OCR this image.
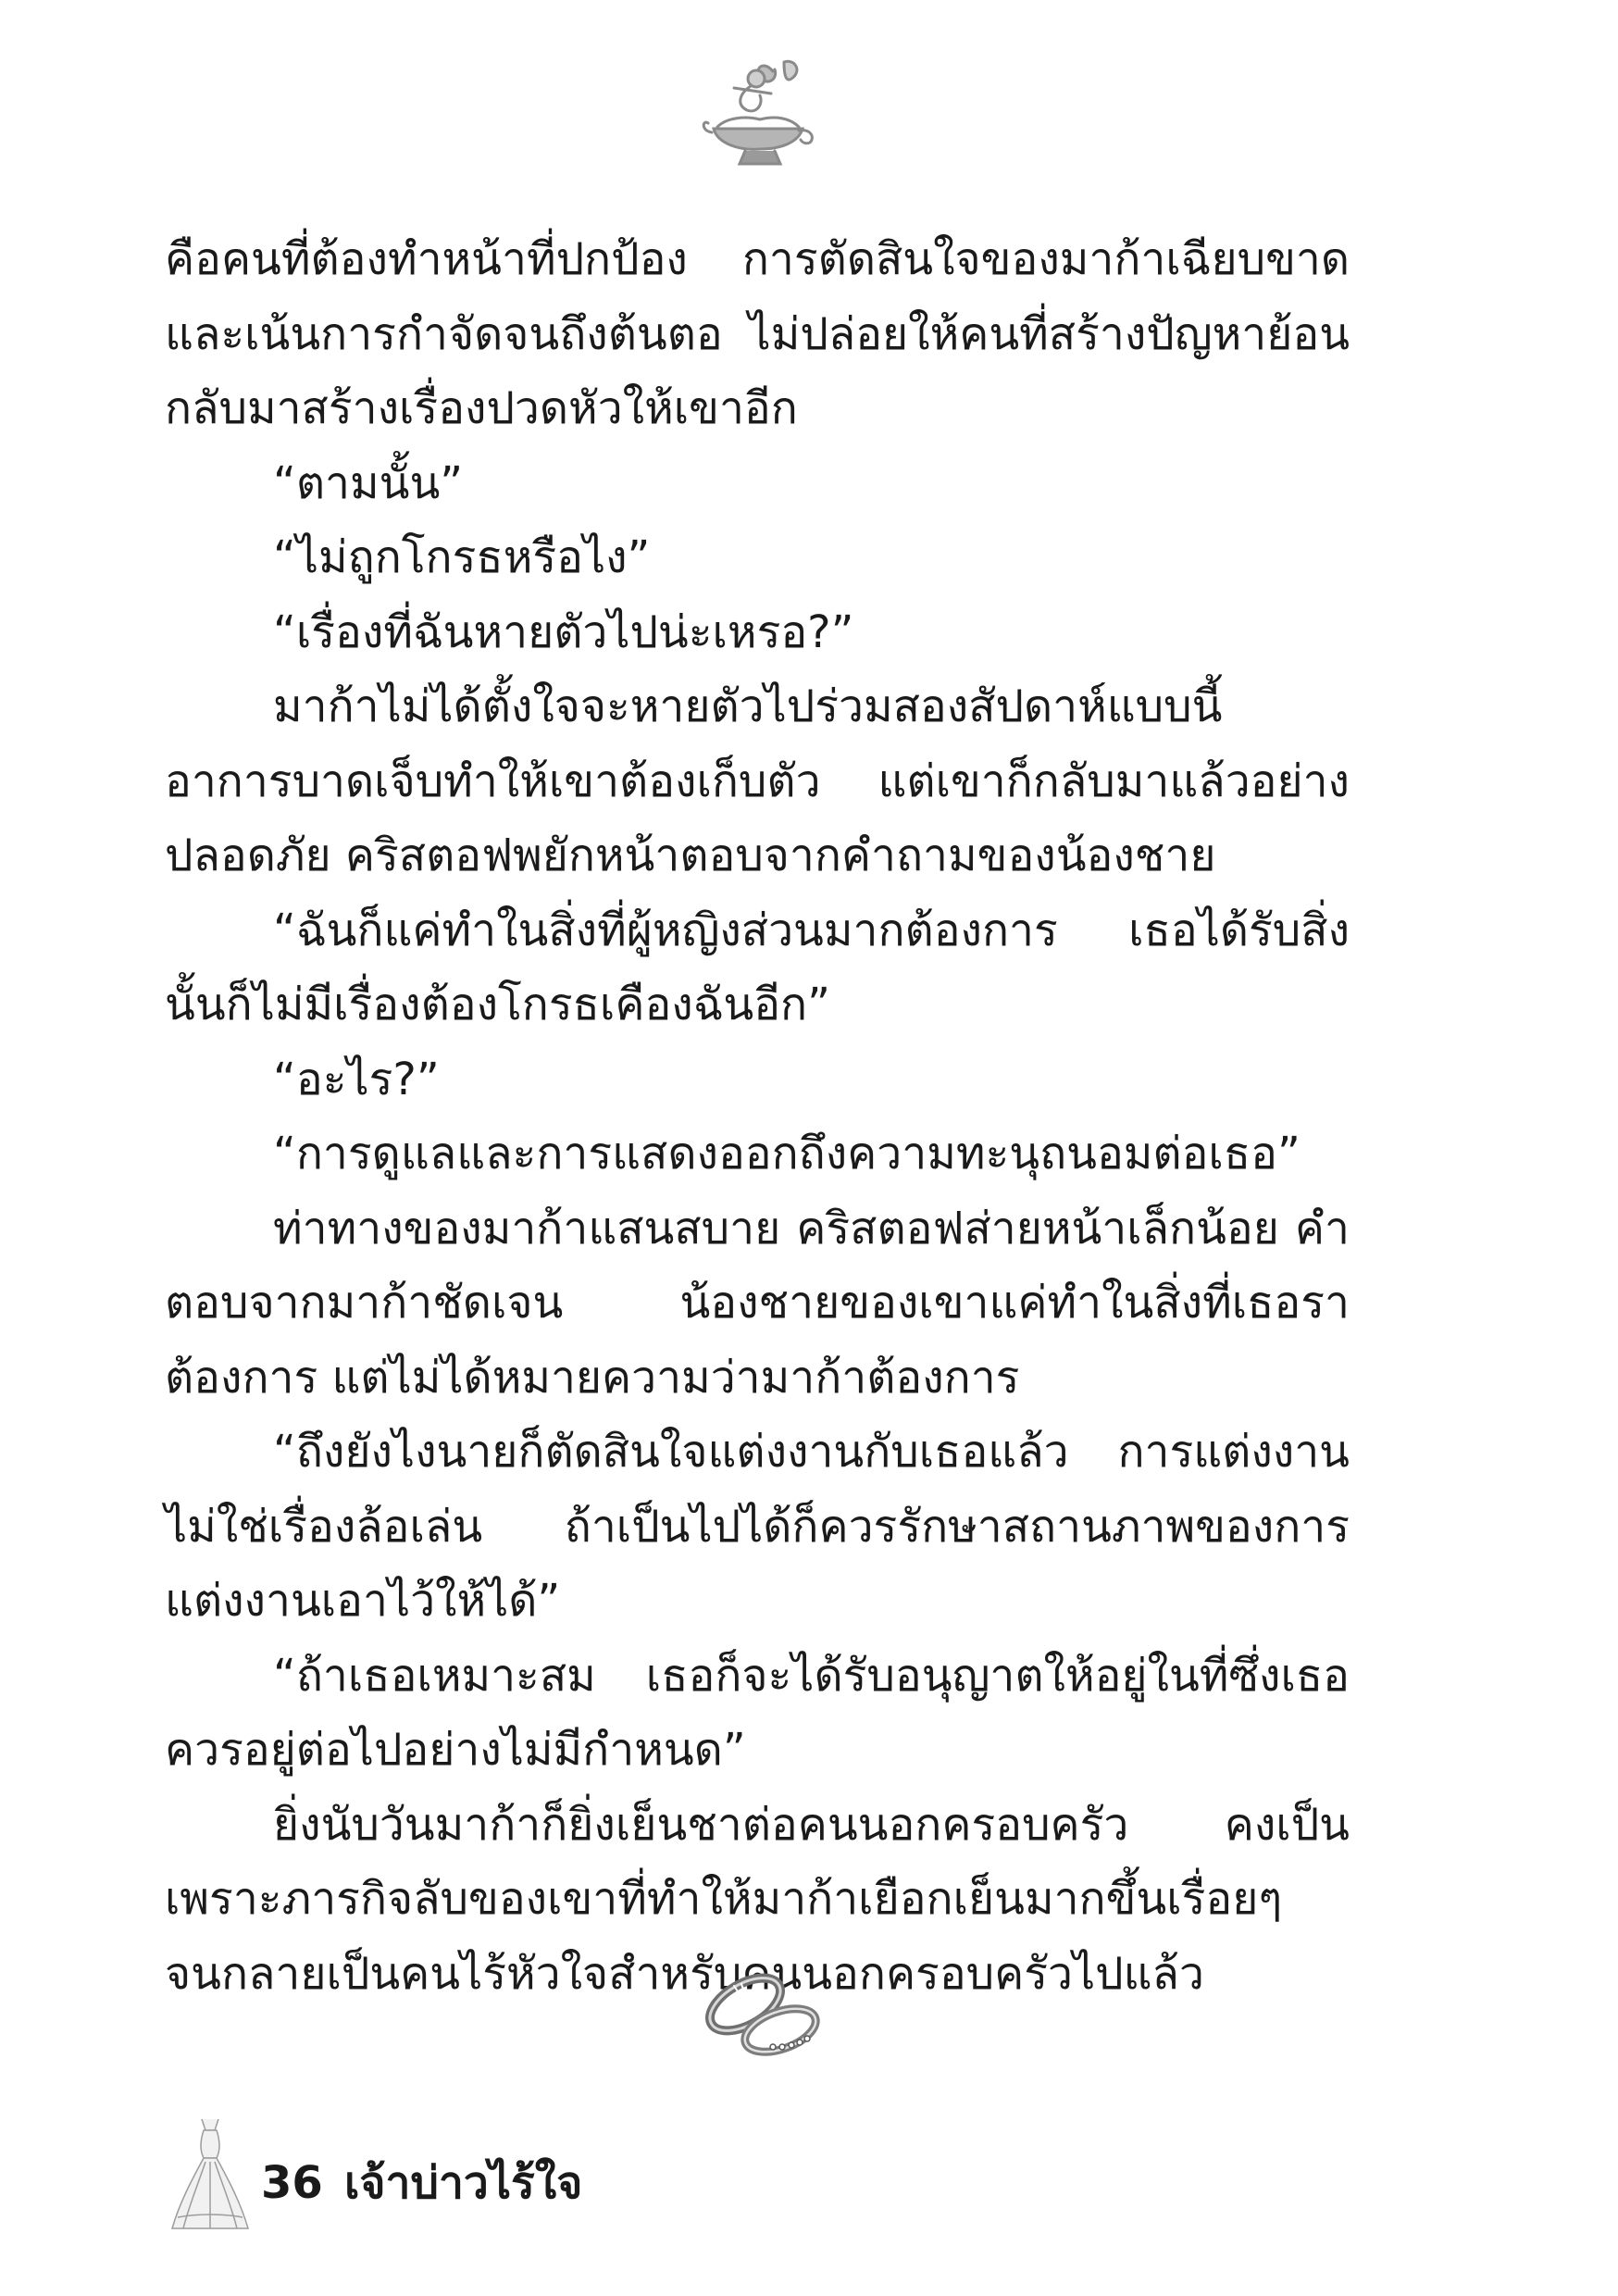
คือคนที่ต้องทำหน้าที่ปกป้อง การตัดสินใจของมาก้าเฉียบขาดและเน้นการกำจัดจนถึงต้นตอ ไม่ปล่อยให้คนที่สร้างปัญหาย้อนกลับมาสร้างเรื่องปวดหัวให้เขาอีก

“ตามนั้น”

“ไม่ถูกโกรธหรือไง”

“เรื่องที่ฉันหายตัวไปน่ะเหรอ?”

มาก้าไม่ได้ตั้งใจจะหายตัวไปร่วมสองสัปดาห์แบบนี้ อาการบาดเจ็บทำให้เขาต้องเก็บตัว แต่เขาก็กลับมาแล้วอย่างปลอดภัย คริสตอฟพยักหน้าตอบจากคำถามของน้องชาย

“ฉันก็แค่ทำในสิ่งที่ผู้หญิงส่วนมากต้องการ เธอได้รับสิ่งนั้นก็ไม่มีเรื่องต้องโกรธเคืองฉันอีก”

“อะไร?”

“การดูแลและการแสดงออกถึงความทะนุถนอมต่อเธอ”

ท่าทางของมาก้าแสนสบาย คริสตอฟส่ายหน้าเล็กน้อย คำตอบจากมาก้าชัดเจน น้องชายของเขาแค่ทำในสิ่งที่เธอราต้องการ แต่ไม่ได้หมายความว่ามาก้าต้องการ

“ถึงยังไงนายก็ตัดสินใจแต่งงานกับเธอแล้ว การแต่งงานไม่ใช่เรื่องล้อเล่น ถ้าเป็นไปได้ก็ควรรักษาสถานภาพของการแต่งงานเอาไว้ให้ได้”

“ถ้าเธอเหมาะสม เธอก็จะได้รับอนุญาตให้อยู่ในที่ซึ่งเธอควรอยู่ต่อไปอย่างไม่มีกำหนด”

ยิ่งนับวันมาก้าก็ยิ่งเย็นชาต่อคนนอกครอบครัว คงเป็นเพราะภารกิจลับของเขาที่ทำให้มาก้าเยือกเย็นมากขึ้นเรื่อยๆ จนกลายเป็นคนไร้หัวใจสำหรับคนนอกครอบครัวไปแล้ว

36 เจ้าบ่าวไร้ใจ
